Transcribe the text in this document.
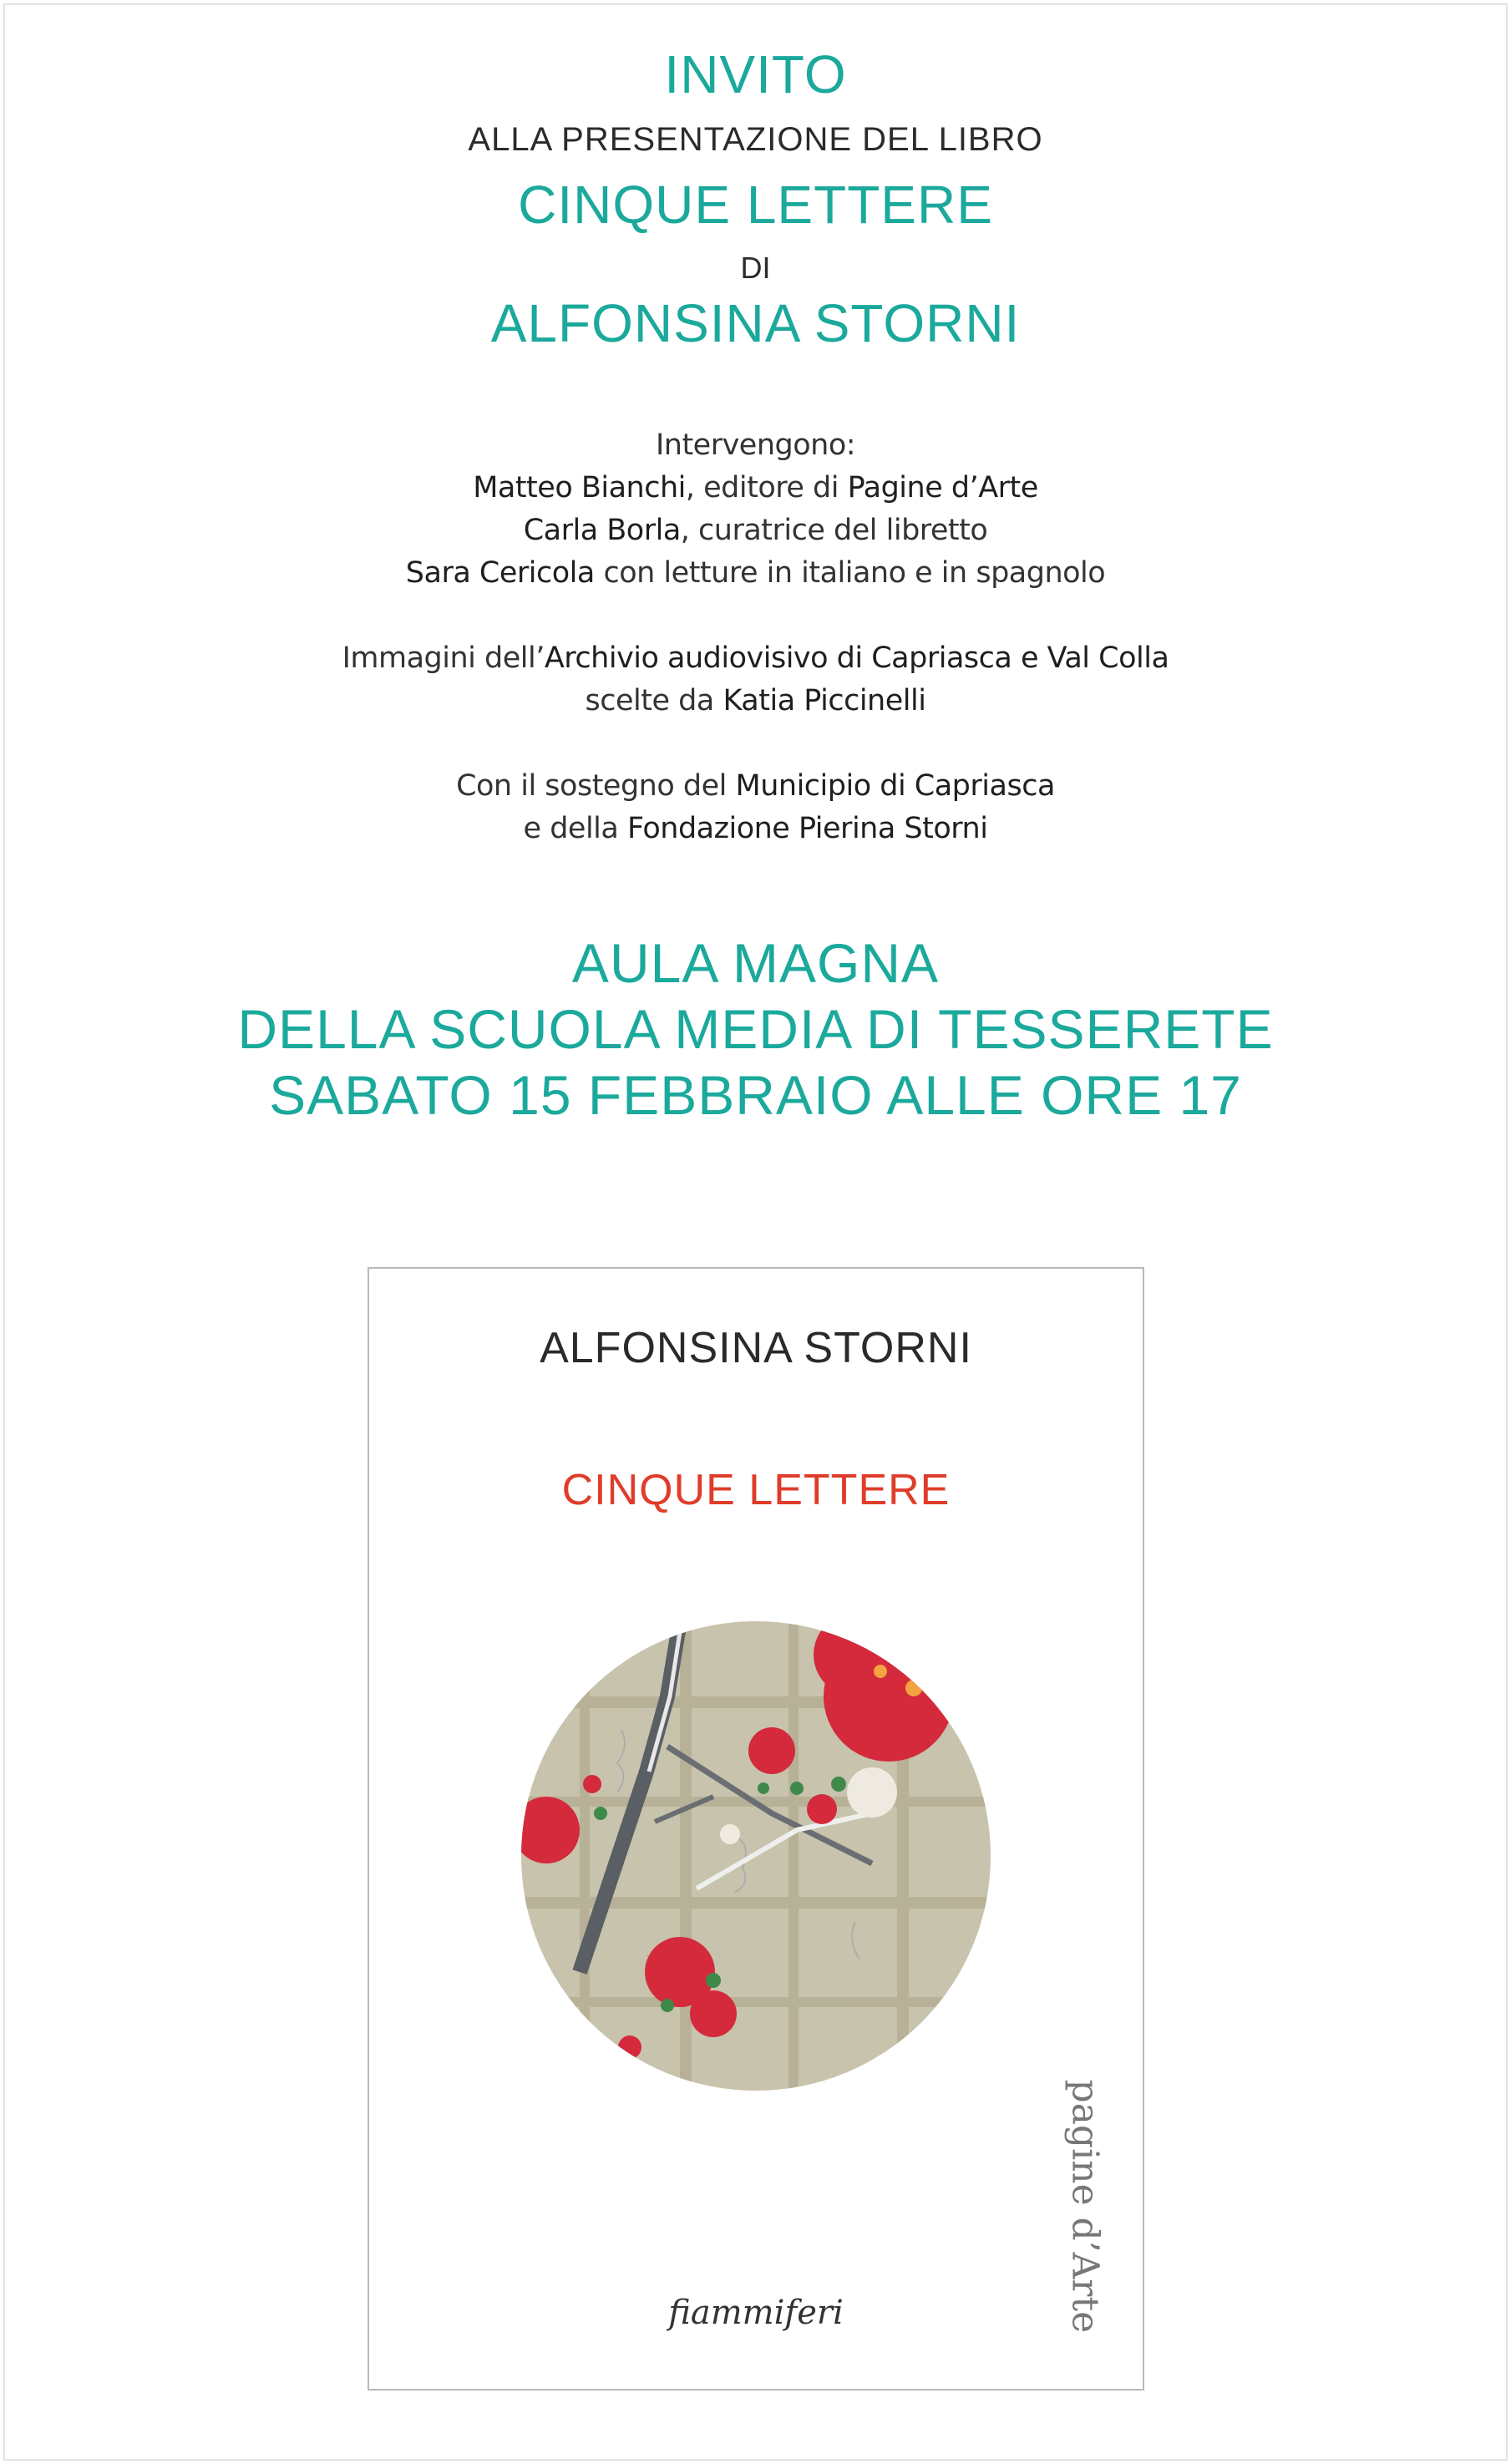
INVITO
ALLA PRESENTAZIONE DEL LIBRO
CINQUE LETTERE
DI
ALFONSINA STORNI
Intervengono:
Matteo Bianchi, editore di Pagine d’Arte
Carla Borla, curatrice del libretto
Sara Cericola con letture in italiano e in spagnolo
Immagini dell’Archivio audiovisivo di Capriasca e Val Colla
scelte da Katia Piccinelli
Con il sostegno del Municipio di Capriasca
e della Fondazione Pierina Storni
AULA MAGNA
DELLA SCUOLA MEDIA DI TESSERETE
SABATO 15 FEBBRAIO ALLE ORE 17
ALFONSINA STORNI
CINQUE LETTERE
fiammiferi	pagine d’Arte
